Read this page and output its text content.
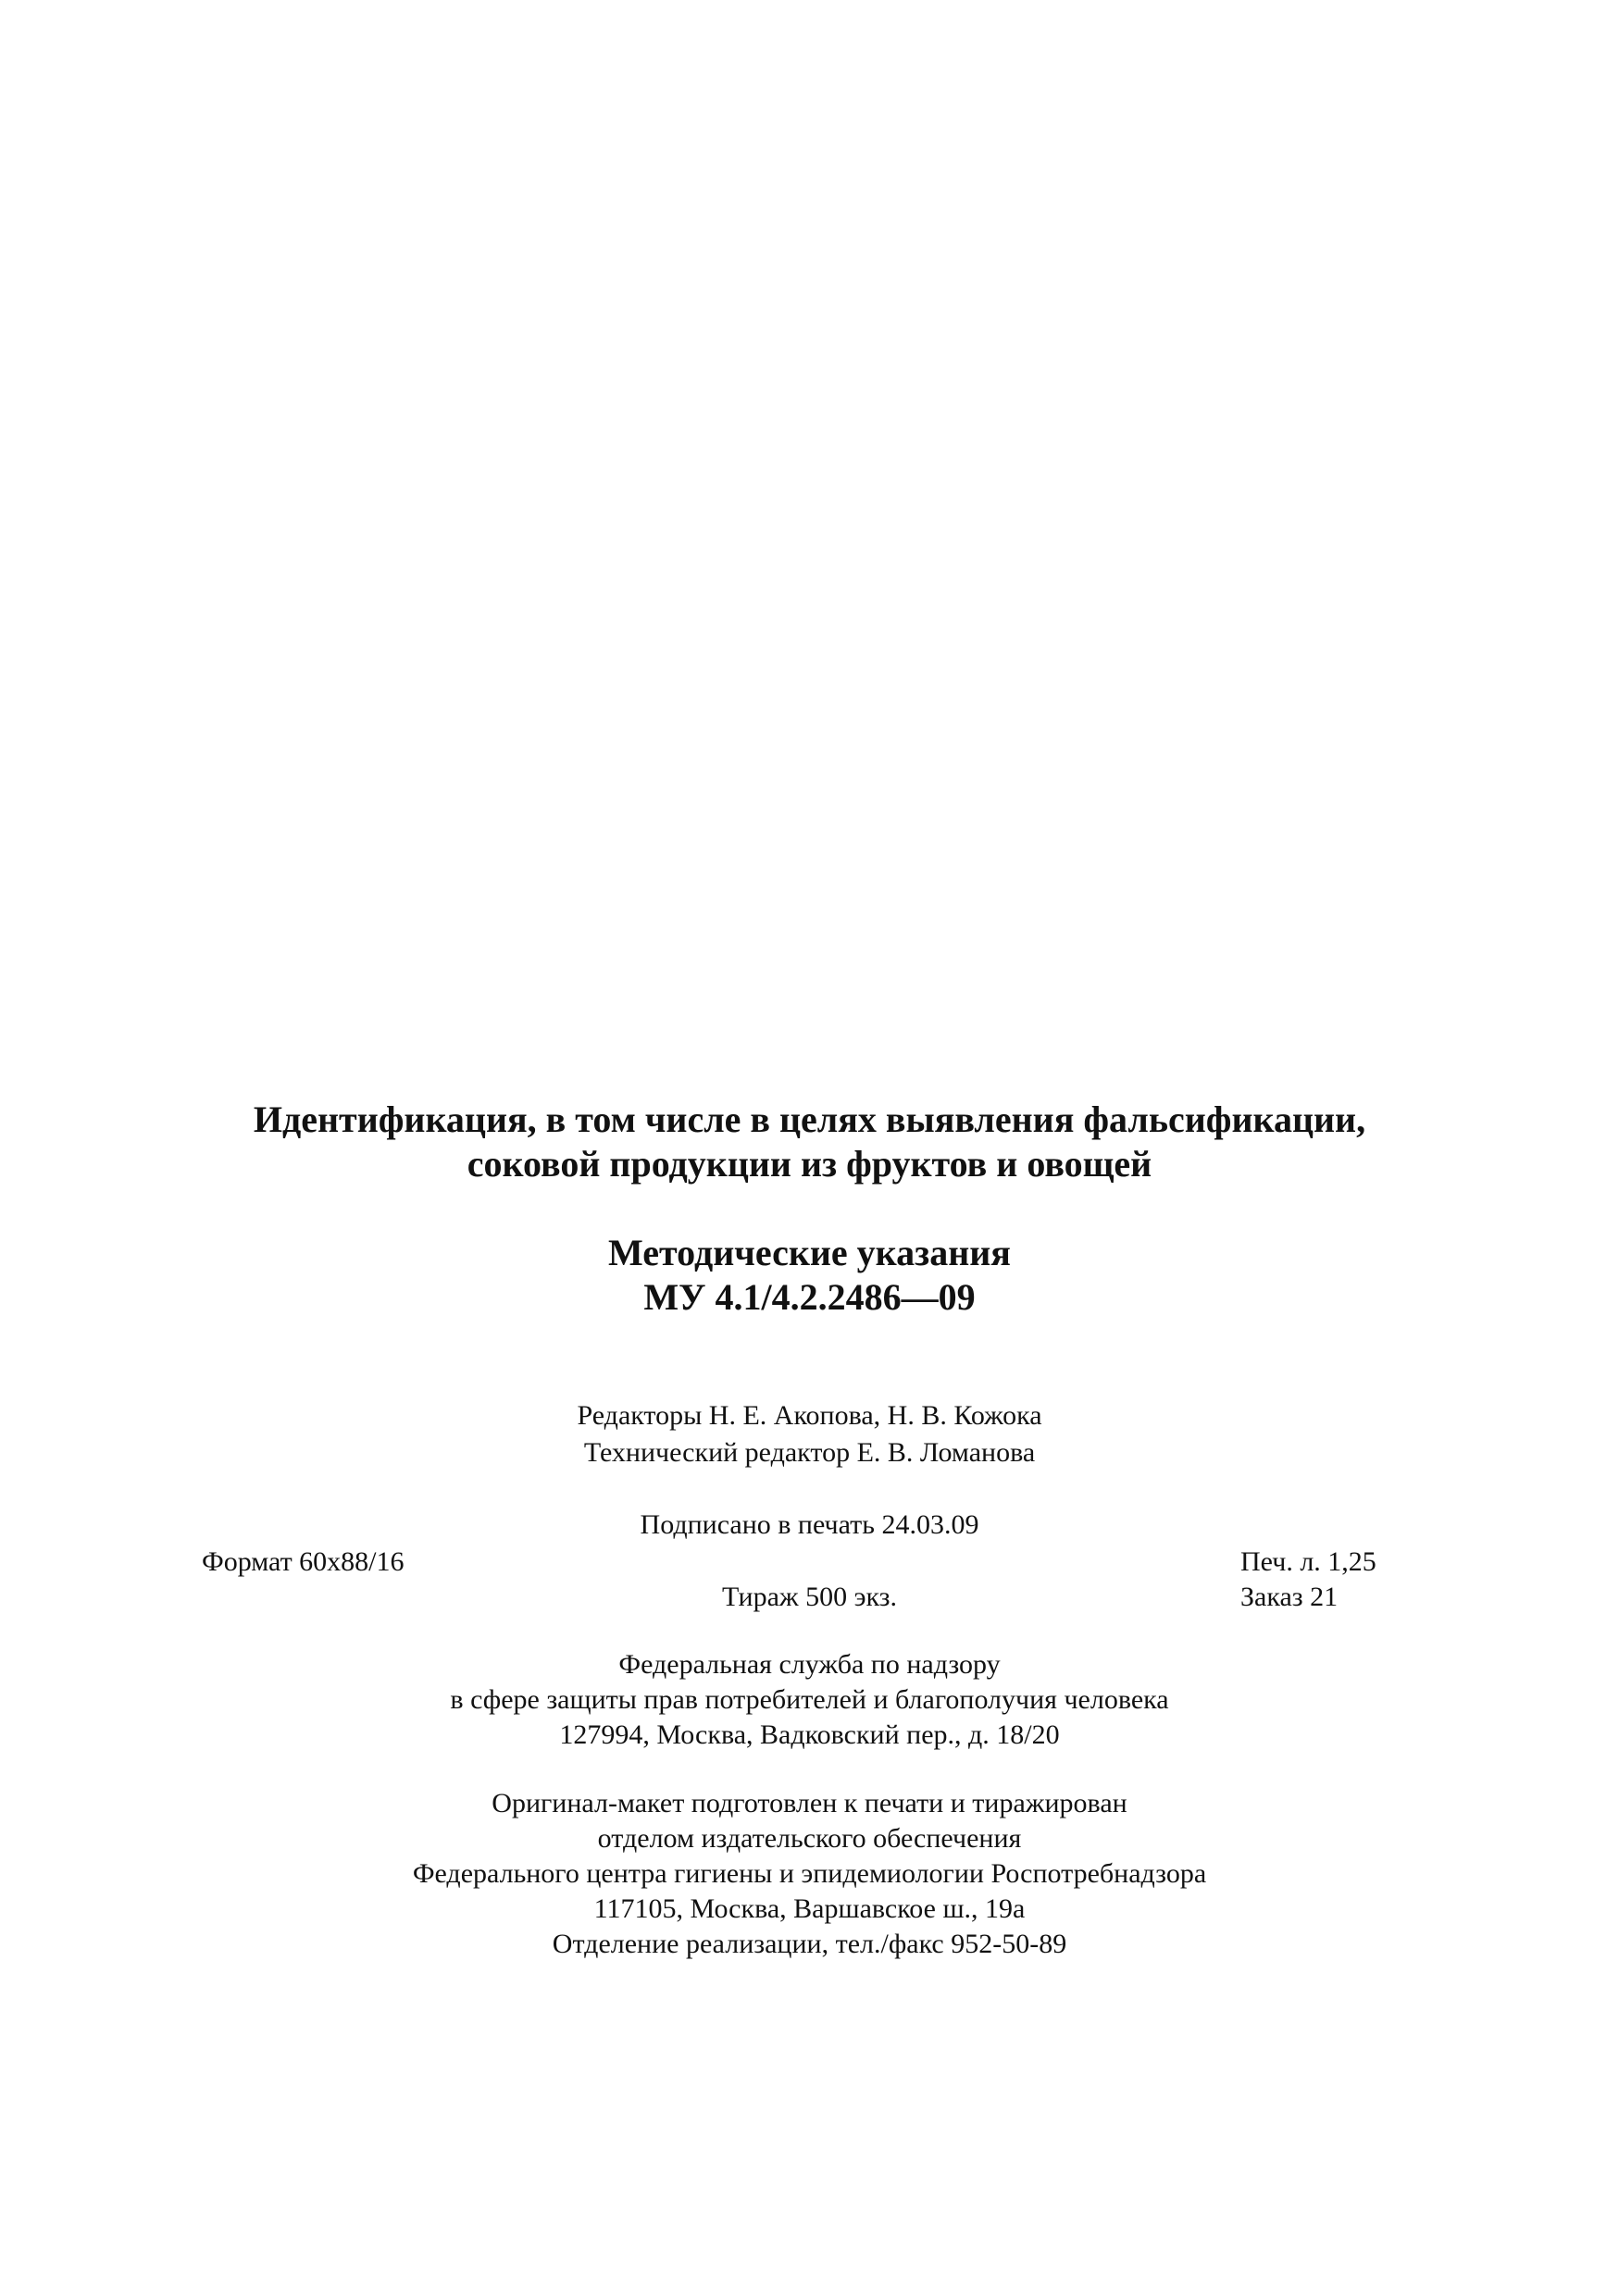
Идентификация, в том числе в целях выявления фальсификации,
соковой продукции из фруктов и овощей
Методические указания
МУ 4.1/4.2.2486—09
Редакторы Н. Е. Акопова, Н. В. Кожока
Технический редактор Е. В. Ломанова
Подписано в печать 24.03.09
Формат 60x88/16	Печ. л. 1,25
Тираж 500 экз.	Заказ 21
Федеральная служба по надзору
в сфере защиты прав потребителей и благополучия человека
127994, Москва, Вадковский пер., д. 18/20
Оригинал-макет подготовлен к печати и тиражирован
отделом издательского обеспечения
Федерального центра гигиены и эпидемиологии Роспотребнадзора
117105, Москва, Варшавское ш., 19а
Отделение реализации, тел./факс 952-50-89
